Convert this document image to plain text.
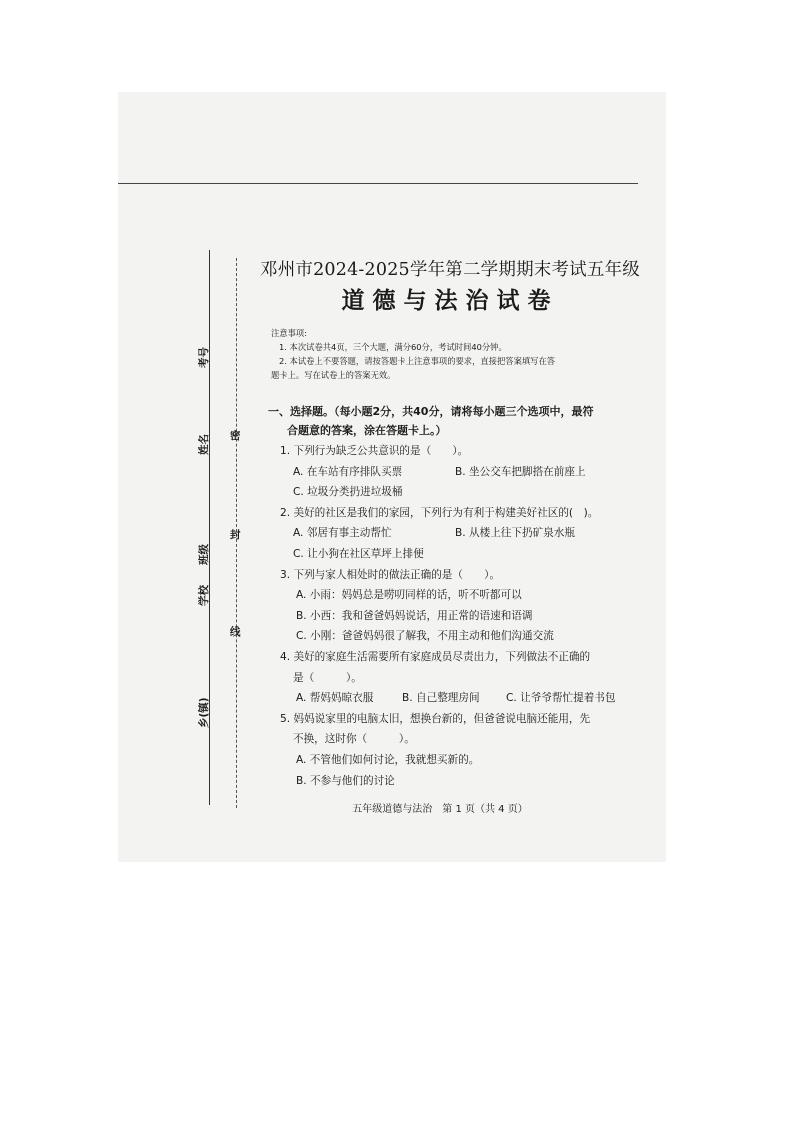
考号
姓名
班级
学校
乡(镇)
密
封
线
邓州市2024-2025学年第二学期期末考试五年级
道德与法治试卷

注意事项:

1. 本次试卷共4页，三个大题，满分60分，考试时间40分钟。

2. 本试卷上不要答题，请按答题卡上注意事项的要求，直接把答案填写在答

题卡上。写在试卷上的答案无效。

一、选择题。（每小题2分，共40分，请将每小题三个选项中，最符
合题意的答案，涂在答题卡上。）
1. 下列行为缺乏公共意识的是（　　）。
A. 在车站有序排队买票	B. 坐公交车把脚搭在前座上
C. 垃圾分类扔进垃圾桶
2. 美好的社区是我们的家园，下列行为有利于构建美好社区的(　)。
A. 邻居有事主动帮忙	B. 从楼上往下扔矿泉水瓶
C. 让小狗在社区草坪上排便
3. 下列与家人相处时的做法正确的是（　　）。
A. 小雨：妈妈总是唠叨同样的话，听不听都可以
B. 小西：我和爸爸妈妈说话，用正常的语速和语调
C. 小刚：爸爸妈妈很了解我，不用主动和他们沟通交流
4. 美好的家庭生活需要所有家庭成员尽责出力，下列做法不正确的
是（　　　）。
A. 帮妈妈晾衣服	B. 自己整理房间 C. 让爷爷帮忙提着书包
5. 妈妈说家里的电脑太旧，想换台新的，但爸爸说电脑还能用，先
不换，这时你（　　　）。
A. 不管他们如何讨论，我就想买新的。
B. 不参与他们的讨论
五年级道德与法治　第 1 页（共 4 页）
